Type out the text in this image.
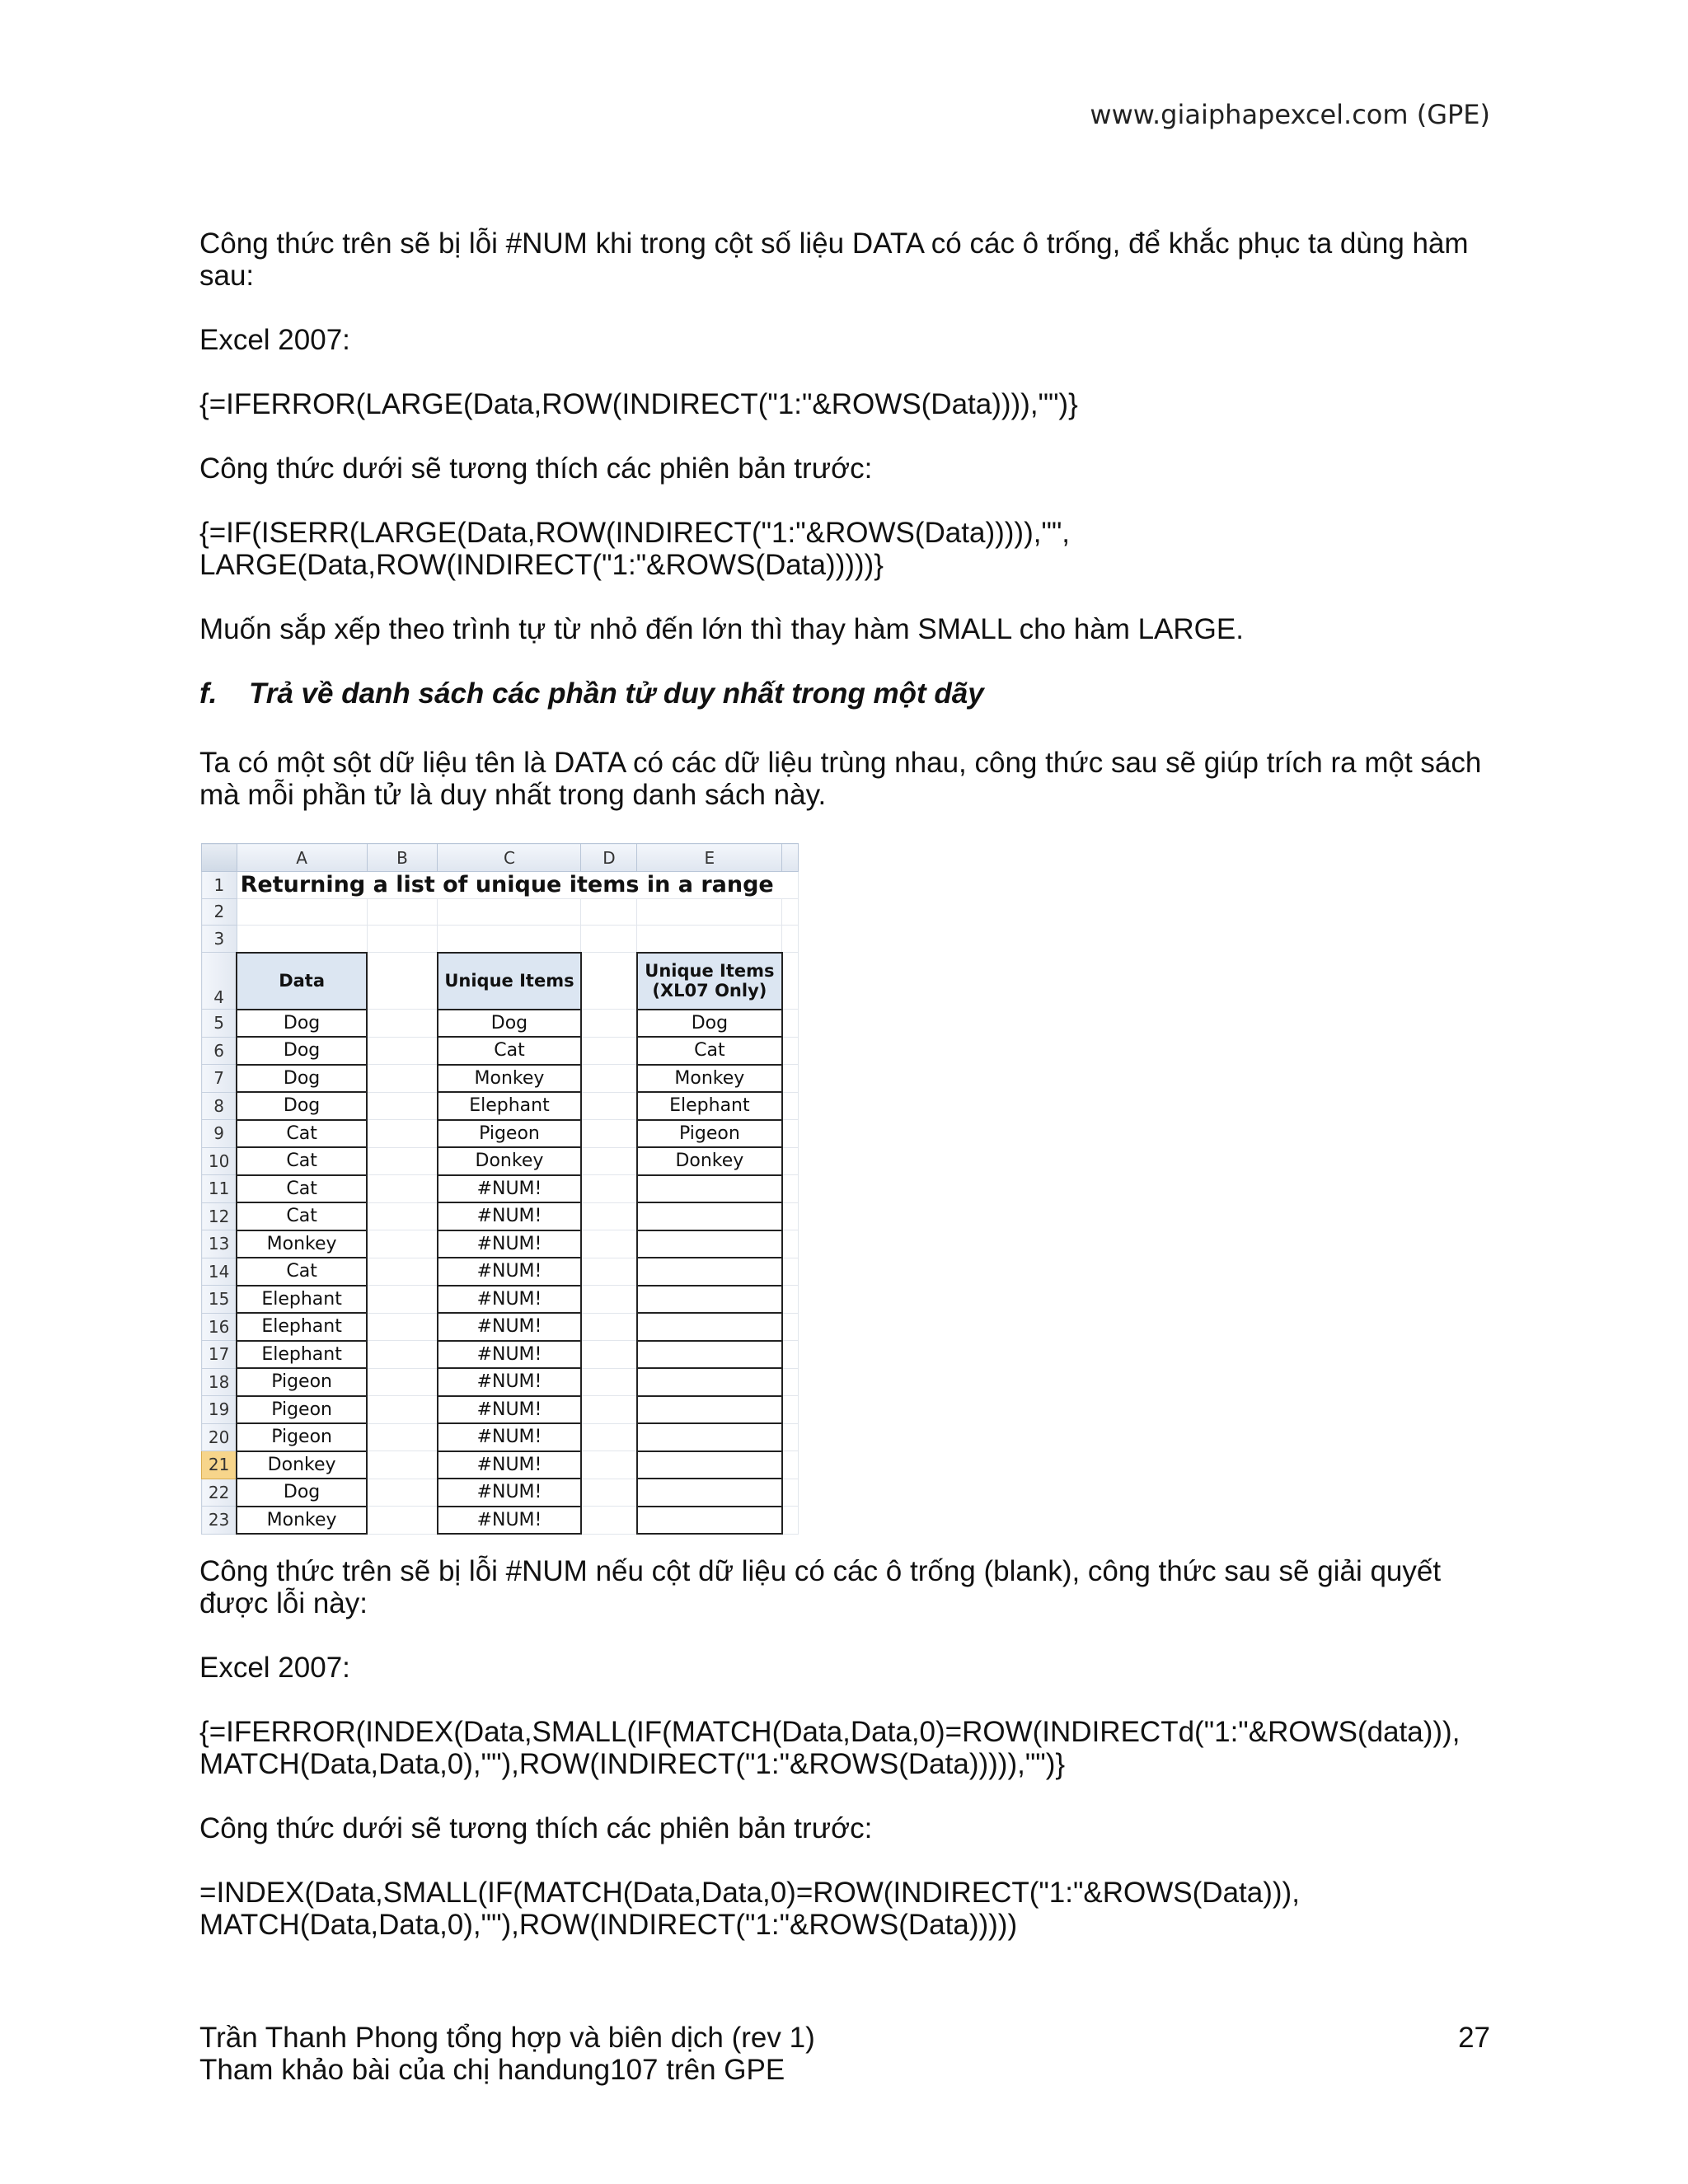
www.giaiphapexcel.com (GPE)

Công thức trên sẽ bị lỗi #NUM khi trong cột số liệu DATA có các ô trống, để khắc phục ta dùng hàm sau:

Excel 2007:

{=IFERROR(LARGE(Data,ROW(INDIRECT("1:"&ROWS(Data)))),"")}

Công thức dưới sẽ tương thích các phiên bản trước:

{=IF(ISERR(LARGE(Data,ROW(INDIRECT("1:"&ROWS(Data))))),"",
LARGE(Data,ROW(INDIRECT("1:"&ROWS(Data)))))}

Muốn sắp xếp theo trình tự từ nhỏ đến lớn thì thay hàm SMALL cho hàm LARGE.

f. Trả về danh sách các phần tử duy nhất trong một dãy

Ta có một sột dữ liệu tên là DATA có các dữ liệu trùng nhau, công thức sau sẽ giúp trích ra một sách mà mỗi phần tử là duy nhất trong danh sách này.

	A	B	C	D	E	
1	Returning a list of unique items in a range					
2						
3						
4	Data		Unique Items		Unique Items
(XL07 Only)	
5	Dog		Dog		Dog	
6	Dog		Cat		Cat	
7	Dog		Monkey		Monkey	
8	Dog		Elephant		Elephant	
9	Cat		Pigeon		Pigeon	
10	Cat		Donkey		Donkey	
11	Cat		#NUM!			
12	Cat		#NUM!			
13	Monkey		#NUM!			
14	Cat		#NUM!			
15	Elephant		#NUM!			
16	Elephant		#NUM!			
17	Elephant		#NUM!			
18	Pigeon		#NUM!			
19	Pigeon		#NUM!			
20	Pigeon		#NUM!			
21	Donkey		#NUM!			
22	Dog		#NUM!			
23	Monkey		#NUM!			

Công thức trên sẽ bị lỗi #NUM nếu cột dữ liệu có các ô trống (blank), công thức sau sẽ giải quyết được lỗi này:

Excel 2007:

{=IFERROR(INDEX(Data,SMALL(IF(MATCH(Data,Data,0)=ROW(INDIRECTd("1:"&ROWS(data))),
MATCH(Data,Data,0),""),ROW(INDIRECT("1:"&ROWS(Data))))),"")}

Công thức dưới sẽ tương thích các phiên bản trước:

=INDEX(Data,SMALL(IF(MATCH(Data,Data,0)=ROW(INDIRECT("1:"&ROWS(Data))),
MATCH(Data,Data,0),""),ROW(INDIRECT("1:"&ROWS(Data)))))

Trần Thanh Phong tổng hợp và biên dịch (rev 1)
Tham khảo bài của chị handung107 trên GPE
27
